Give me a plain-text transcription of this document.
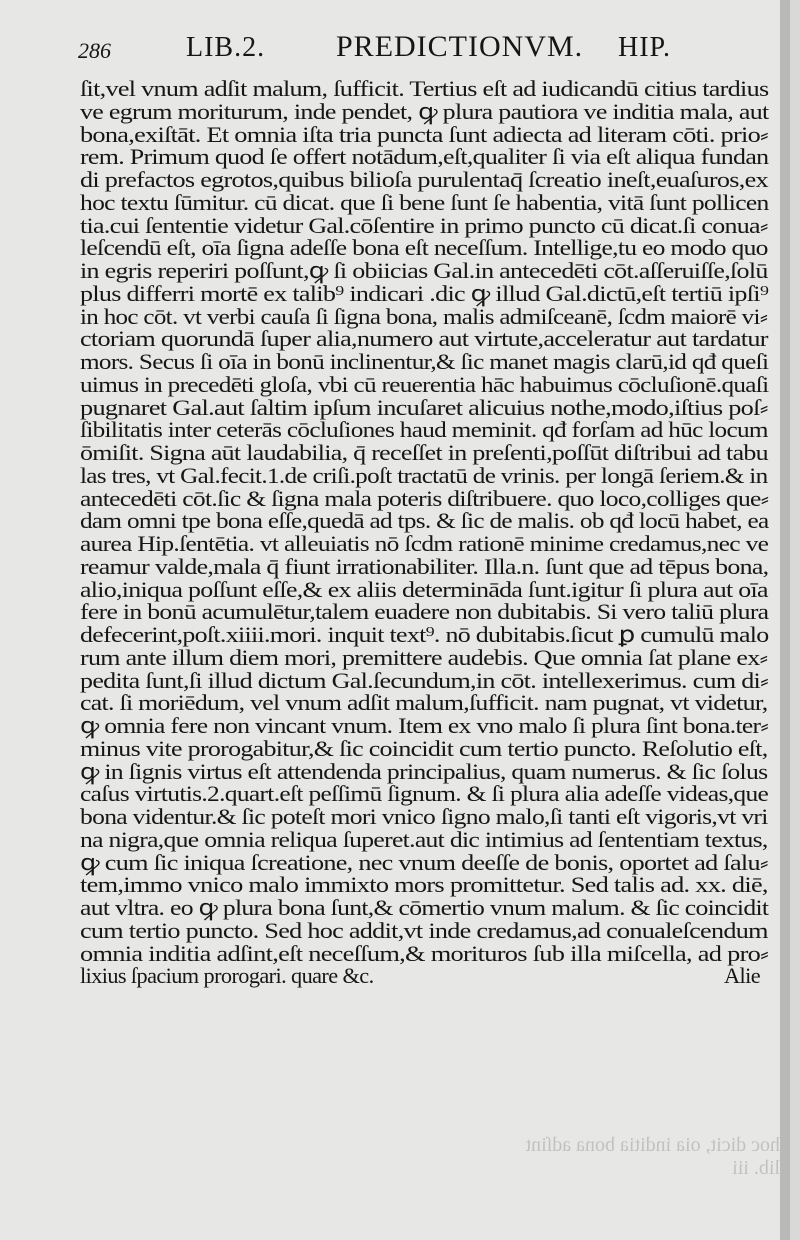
286	LIB.2. PREDICTIONVM. HIP.
hoc dicit, oia inditia bona adſint
lib. iii
ſit,vel vnum adſit malum, ſufficit. Tertius eſt ad iudicandū citius tardius
ve egrum moriturum, inde pendet, ꝙ plura pautiora ve inditia mala, aut
bona,exiſtāt. Et omnia iſta tria puncta ſunt adiecta ad literam cōti. prio⸗
rem. Primum quod ſe offert notādum,eſt,qualiter ſi via eſt aliqua fundan
di prefactos egrotos,quibus bilioſa purulentaq̄ ſcreatio ineſt,euaſuros,ex
hoc textu ſūmitur. cū dicat. que ſi bene ſunt ſe habentia, vitā ſunt pollicen
tia.cui ſententie videtur Gal.cōſentire in primo puncto cū dicat.ſi conua⸗
leſcendū eſt, oīa ſigna adeſſe bona eſt neceſſum. Intellige,tu eo modo quo
in egris reperiri poſſunt,ꝙ ſi obiicias Gal.in antecedēti cōt.aſſeruiſſe,ſolū
plus differri mortē ex talib⁹ indicari .dic ꝙ illud Gal.dictū,eſt tertiū ipſi⁹
in hoc cōt. vt verbi cauſa ſi ſigna bona, malis admiſceanē, ſcdm maiorē vi⸗
ctoriam quorundā ſuper alia,numero aut virtute,acceleratur aut tardatur
mors. Secus ſi oīa in bonū inclinentur,& ſic manet magis clarū,id qđ queſi
uimus in precedēti gloſa, vbi cū reuerentia hāc habuimus cōcluſionē.quaſi
pugnaret Gal.aut ſaltim ipſum incuſaret alicuius nothe,modo,iſtius poſ⸗
ſibilitatis inter ceterās cōcluſiones haud meminit. qđ forſam ad hūc locum
ōmiſit. Signa aūt laudabilia, q̄ receſſet in preſenti,poſſūt diſtribui ad tabu
las tres, vt Gal.fecit.1.de criſi.poſt tractatū de vrinis. per longā ſeriem.& in
antecedēti cōt.ſic & ſigna mala poteris diſtribuere. quo loco,colliges que⸗
dam omni tpe bona eſſe,quedā ad tps. & ſic de malis. ob qđ locū habet, ea
aurea Hip.ſentētia. vt alleuiatis nō ſcdm rationē minime credamus,nec ve
reamur valde,mala q̄ fiunt irrationabiliter. Illa.n. ſunt que ad tēpus bona,
alio,iniqua poſſunt eſſe,& ex aliis determināda ſunt.igitur ſi plura aut oīa
fere in bonū acumulētur,talem euadere non dubitabis. Si vero taliū plura
defecerint,poſt.xiiii.mori. inquit text⁹. nō dubitabis.ſicut ꝑ cumulū malo
rum ante illum diem mori, premittere audebis. Que omnia ſat plane ex⸗
pedita ſunt,ſi illud dictum Gal.ſecundum,in cōt. intellexerimus. cum di⸗
cat. ſi moriēdum, vel vnum adſit malum,ſufficit. nam pugnat, vt videtur,
ꝙ omnia fere non vincant vnum. Item ex vno malo ſi plura ſint bona.ter⸗
minus vite prorogabitur,& ſic coincidit cum tertio puncto. Reſolutio eſt,
ꝙ in ſignis virtus eſt attendenda principalius, quam numerus. & ſic ſolus
caſus virtutis.2.quart.eſt peſſimū ſignum. & ſi plura alia adeſſe videas,que
bona videntur.& ſic poteſt mori vnico ſigno malo,ſi tanti eſt vigoris,vt vri
na nigra,que omnia reliqua ſuperet.aut dic intimius ad ſententiam textus,
ꝙ cum ſic iniqua ſcreatione, nec vnum deeſſe de bonis, oportet ad ſalu⸗
tem,immo vnico malo immixto mors promittetur. Sed talis ad. xx. diē,
aut vltra. eo ꝙ plura bona ſunt,& cōmertio vnum malum. & ſic coincidit
cum tertio puncto. Sed hoc addit,vt inde credamus,ad conualeſcendum
omnia inditia adſint,eſt neceſſum,& morituros ſub illa miſcella, ad pro⸗
lixius ſpacium prorogari. quare &c.	Alie
